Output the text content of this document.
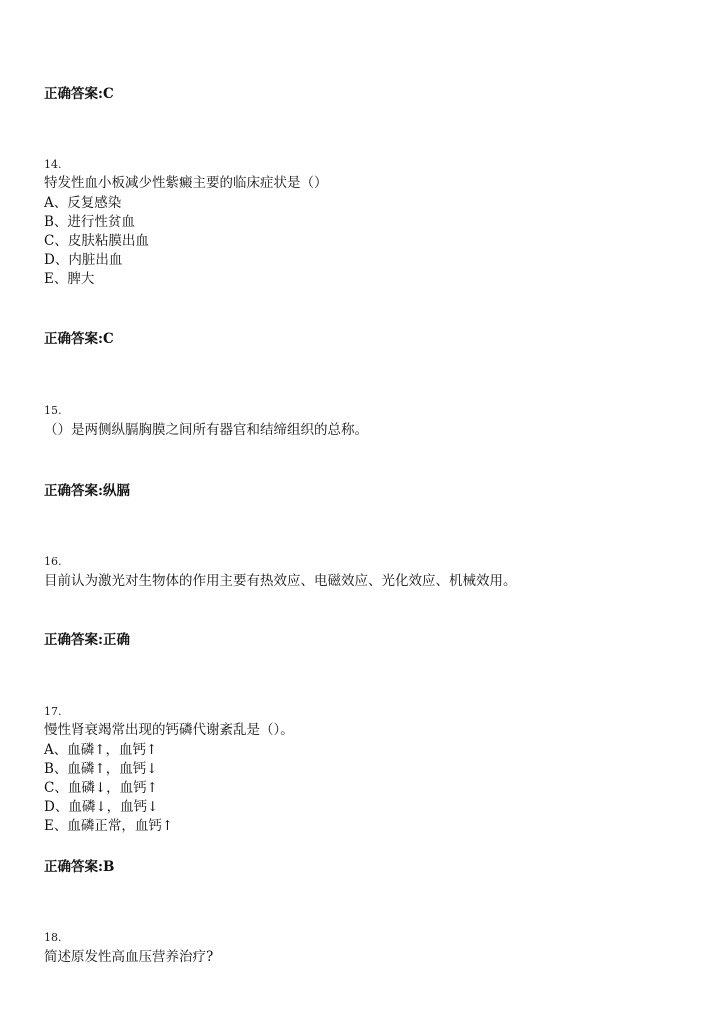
正确答案:C
14.
特发性血小板减少性紫癜主要的临床症状是（）
A、反复感染
B、进行性贫血
C、皮肤粘膜出血
D、内脏出血
E、脾大
正确答案:C
15.
（）是两侧纵膈胸膜之间所有器官和结缔组织的总称。
正确答案:纵膈
16.
目前认为激光对生物体的作用主要有热效应、电磁效应、光化效应、机械效用。
正确答案:正确
17.
慢性肾衰竭常出现的钙磷代谢紊乱是（）。
A、血磷↑，血钙↑
B、血磷↑，血钙↓
C、血磷↓，血钙↑
D、血磷↓，血钙↓
E、血磷正常，血钙↑
正确答案:B
18.
简述原发性高血压营养治疗?
